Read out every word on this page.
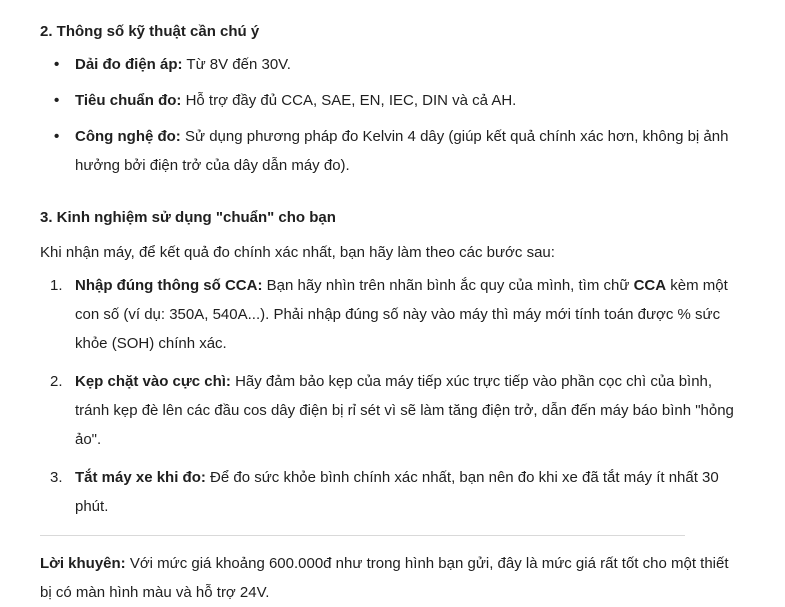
2. Thông số kỹ thuật cần chú ý
• Dải đo điện áp: Từ 8V đến 30V.
• Tiêu chuẩn đo: Hỗ trợ đầy đủ CCA, SAE, EN, IEC, DIN và cả AH.
• Công nghệ đo: Sử dụng phương pháp đo Kelvin 4 dây (giúp kết quả chính xác hơn, không bị ảnh hưởng bởi điện trở của dây dẫn máy đo).
3. Kinh nghiệm sử dụng "chuẩn" cho bạn

Khi nhận máy, để kết quả đo chính xác nhất, bạn hãy làm theo các bước sau:

1. Nhập đúng thông số CCA: Bạn hãy nhìn trên nhãn bình ắc quy của mình, tìm chữ CCA kèm một con số (ví dụ: 350A, 540A...). Phải nhập đúng số này vào máy thì máy mới tính toán được % sức khỏe (SOH) chính xác.
2. Kẹp chặt vào cực chì: Hãy đảm bảo kẹp của máy tiếp xúc trực tiếp vào phần cọc chì của bình, tránh kẹp đè lên các đầu cos dây điện bị rỉ sét vì sẽ làm tăng điện trở, dẫn đến máy báo bình "hỏng ảo".
3. Tắt máy xe khi đo: Để đo sức khỏe bình chính xác nhất, bạn nên đo khi xe đã tắt máy ít nhất 30 phút.

Lời khuyên: Với mức giá khoảng 600.000đ như trong hình bạn gửi, đây là mức giá rất tốt cho một thiết bị có màn hình màu và hỗ trợ 24V.
